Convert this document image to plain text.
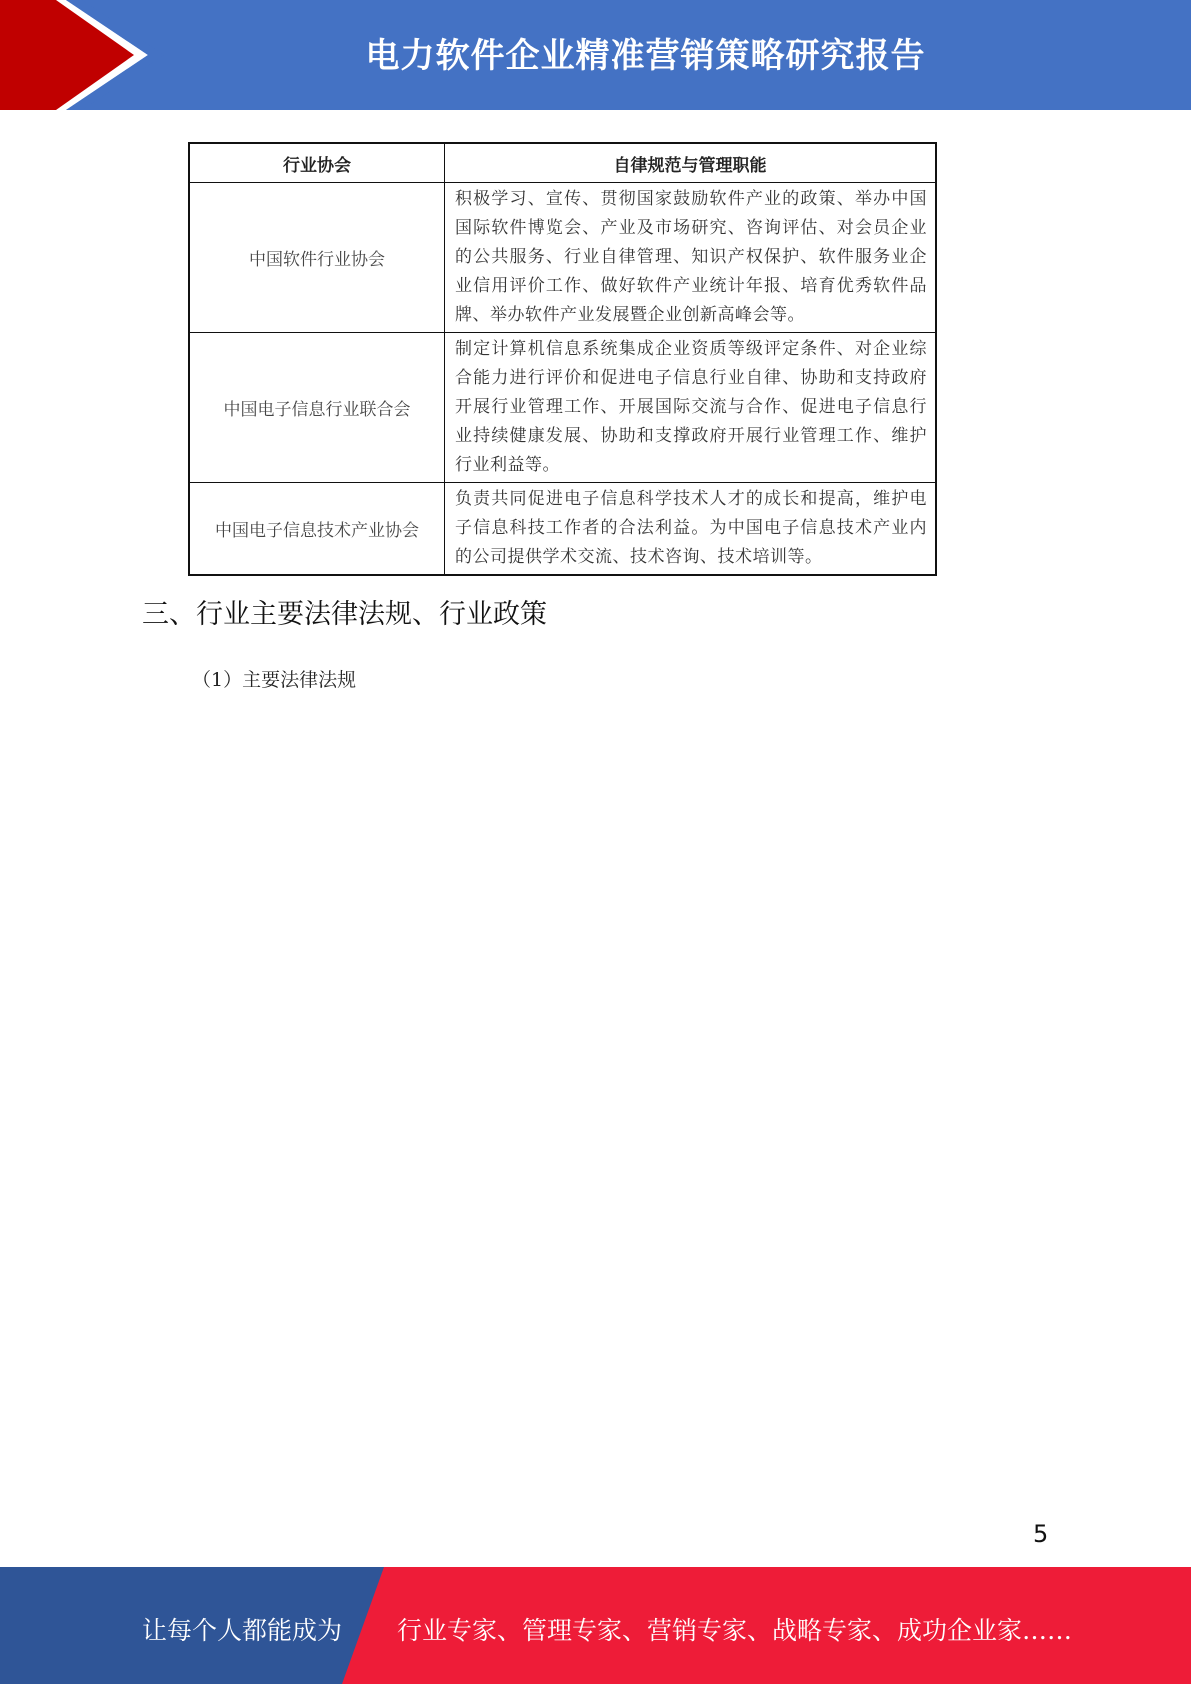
电力软件企业精准营销策略研究报告
行业协会	自律规范与管理职能
中国软件行业协会	积极学习、宣传、贯彻国家鼓励软件产业的政策、举办中国国际软件博览会、产业及市场研究、咨询评估、对会员企业的公共服务、行业自律管理、知识产权保护、软件服务业企业信用评价工作、做好软件产业统计年报、培育优秀软件品牌、举办软件产业发展暨企业创新高峰会等。
中国电子信息行业联合会	制定计算机信息系统集成企业资质等级评定条件、对企业综合能力进行评价和促进电子信息行业自律、协助和支持政府开展行业管理工作、开展国际交流与合作、促进电子信息行业持续健康发展、协助和支撑政府开展行业管理工作、维护行业利益等。
中国电子信息技术产业协会	负责共同促进电子信息科学技术人才的成长和提高，维护电子信息科技工作者的合法利益。为中国电子信息技术产业内的公司提供学术交流、技术咨询、技术培训等。
三、行业主要法律法规、行业政策

（1）主要法律法规

5
让每个人都能成为 行业专家、管理专家、营销专家、战略专家、成功企业家……
